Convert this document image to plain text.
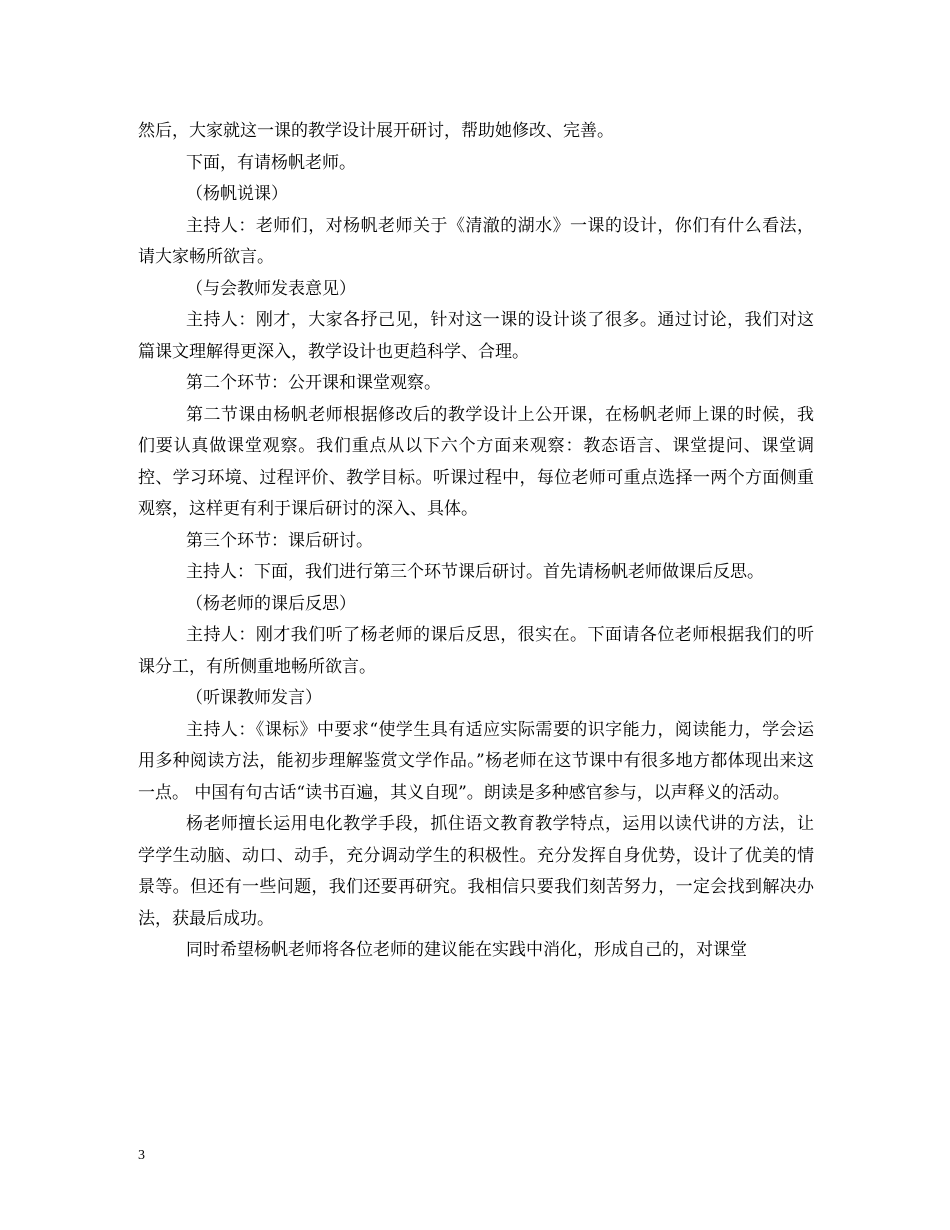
然后，大家就这一课的教学设计展开研讨，帮助她修改、完善。

下面，有请杨帆老师。

（杨帆说课）

主持人：老师们，对杨帆老师关于《清澈的湖水》一课的设计，你们有什么看法，请大家畅所欲言。

（与会教师发表意见）

主持人：刚才，大家各抒己见，针对这一课的设计谈了很多。通过讨论，我们对这篇课文理解得更深入，教学设计也更趋科学、合理。

第二个环节：公开课和课堂观察。

第二节课由杨帆老师根据修改后的教学设计上公开课，在杨帆老师上课的时候，我们要认真做课堂观察。我们重点从以下六个方面来观察：教态语言、课堂提问、课堂调控、学习环境、过程评价、教学目标。听课过程中，每位老师可重点选择一两个方面侧重观察，这样更有利于课后研讨的深入、具体。

第三个环节：课后研讨。

主持人：下面，我们进行第三个环节课后研讨。首先请杨帆老师做课后反思。

（杨老师的课后反思）

主持人：刚才我们听了杨老师的课后反思，很实在。下面请各位老师根据我们的听课分工，有所侧重地畅所欲言。

（听课教师发言）

主持人：《课标》中要求“使学生具有适应实际需要的识字能力，阅读能力，学会运用多种阅读方法，能初步理解鉴赏文学作品。”杨老师在这节课中有很多地方都体现出来这一点。 中国有句古话“读书百遍，其义自现”。朗读是多种感官参与，以声释义的活动。

杨老师擅长运用电化教学手段，抓住语文教育教学特点，运用以读代讲的方法，让学学生动脑、动口、动手，充分调动学生的积极性。充分发挥自身优势，设计了优美的情景等。但还有一些问题，我们还要再研究。我相信只要我们刻苦努力，一定会找到解决办法，获最后成功。

同时希望杨帆老师将各位老师的建议能在实践中消化，形成自己的，对课堂

3
